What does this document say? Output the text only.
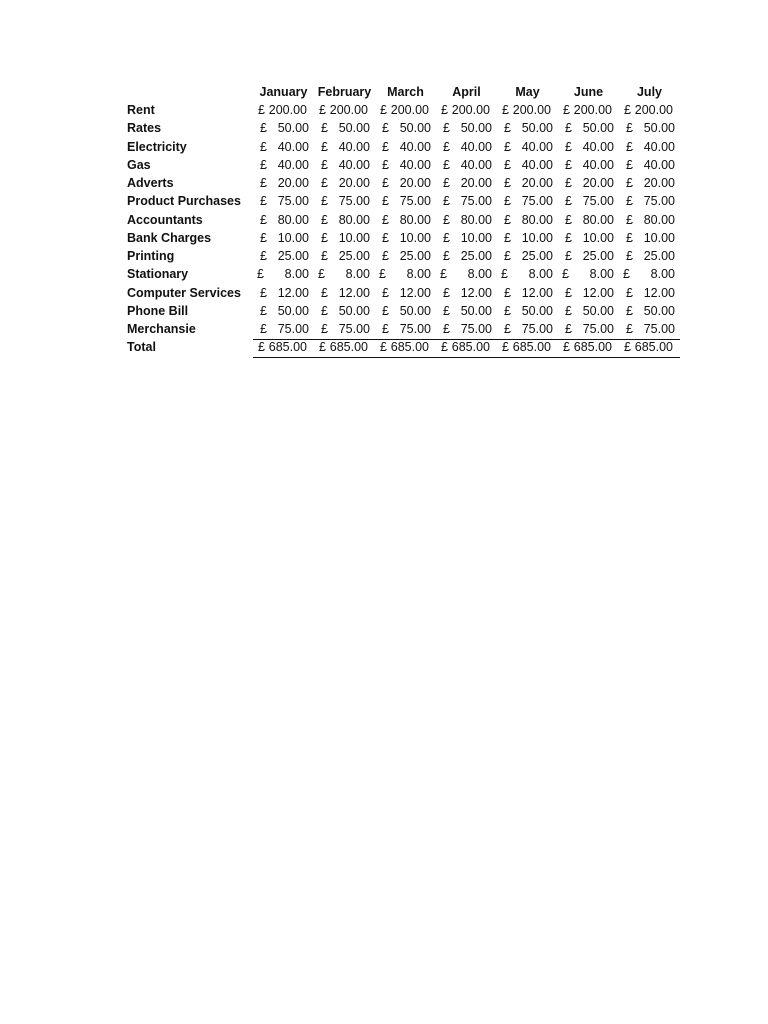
January February	March	April	May	June	July
Rent	£ 200.00 £ 200.00 £ 200.00 £ 200.00 £ 200.00 £ 200.00 £ 200.00
Rates	£ 50.00 £ 50.00 £ 50.00 £ 50.00 £ 50.00 £ 50.00 £ 50.00
Electricity	£ 40.00 £ 40.00 £ 40.00 £ 40.00 £ 40.00 £ 40.00 £ 40.00
Gas	£ 40.00 £ 40.00 £ 40.00 £ 40.00 £ 40.00 £ 40.00 £ 40.00
Adverts	£ 20.00 £ 20.00 £ 20.00 £ 20.00 £ 20.00 £ 20.00 £ 20.00
Product Purchases £ 75.00 £ 75.00 £ 75.00 £ 75.00 £ 75.00 £ 75.00 £ 75.00
Accountants	£ 80.00 £ 80.00 £ 80.00 £ 80.00 £ 80.00 £ 80.00 £ 80.00
Bank Charges	£ 10.00 £ 10.00 £ 10.00 £ 10.00 £ 10.00 £ 10.00 £ 10.00
Printing	£ 25.00 £ 25.00 £ 25.00 £ 25.00 £ 25.00 £ 25.00 £ 25.00
Stationary	£ 8.00 £ 8.00 £ 8.00 £ 8.00 £ 8.00 £ 8.00 £ 8.00
Computer Services £ 12.00 £ 12.00 £ 12.00 £ 12.00 £ 12.00 £ 12.00 £ 12.00
Phone Bill	£ 50.00 £ 50.00 £ 50.00 £ 50.00 £ 50.00 £ 50.00 £ 50.00
Merchansie	£ 75.00 £ 75.00 £ 75.00 £ 75.00 £ 75.00 £ 75.00 £ 75.00
Total	£ 685.00 £ 685.00 £ 685.00 £ 685.00 £ 685.00 £ 685.00 £ 685.00
